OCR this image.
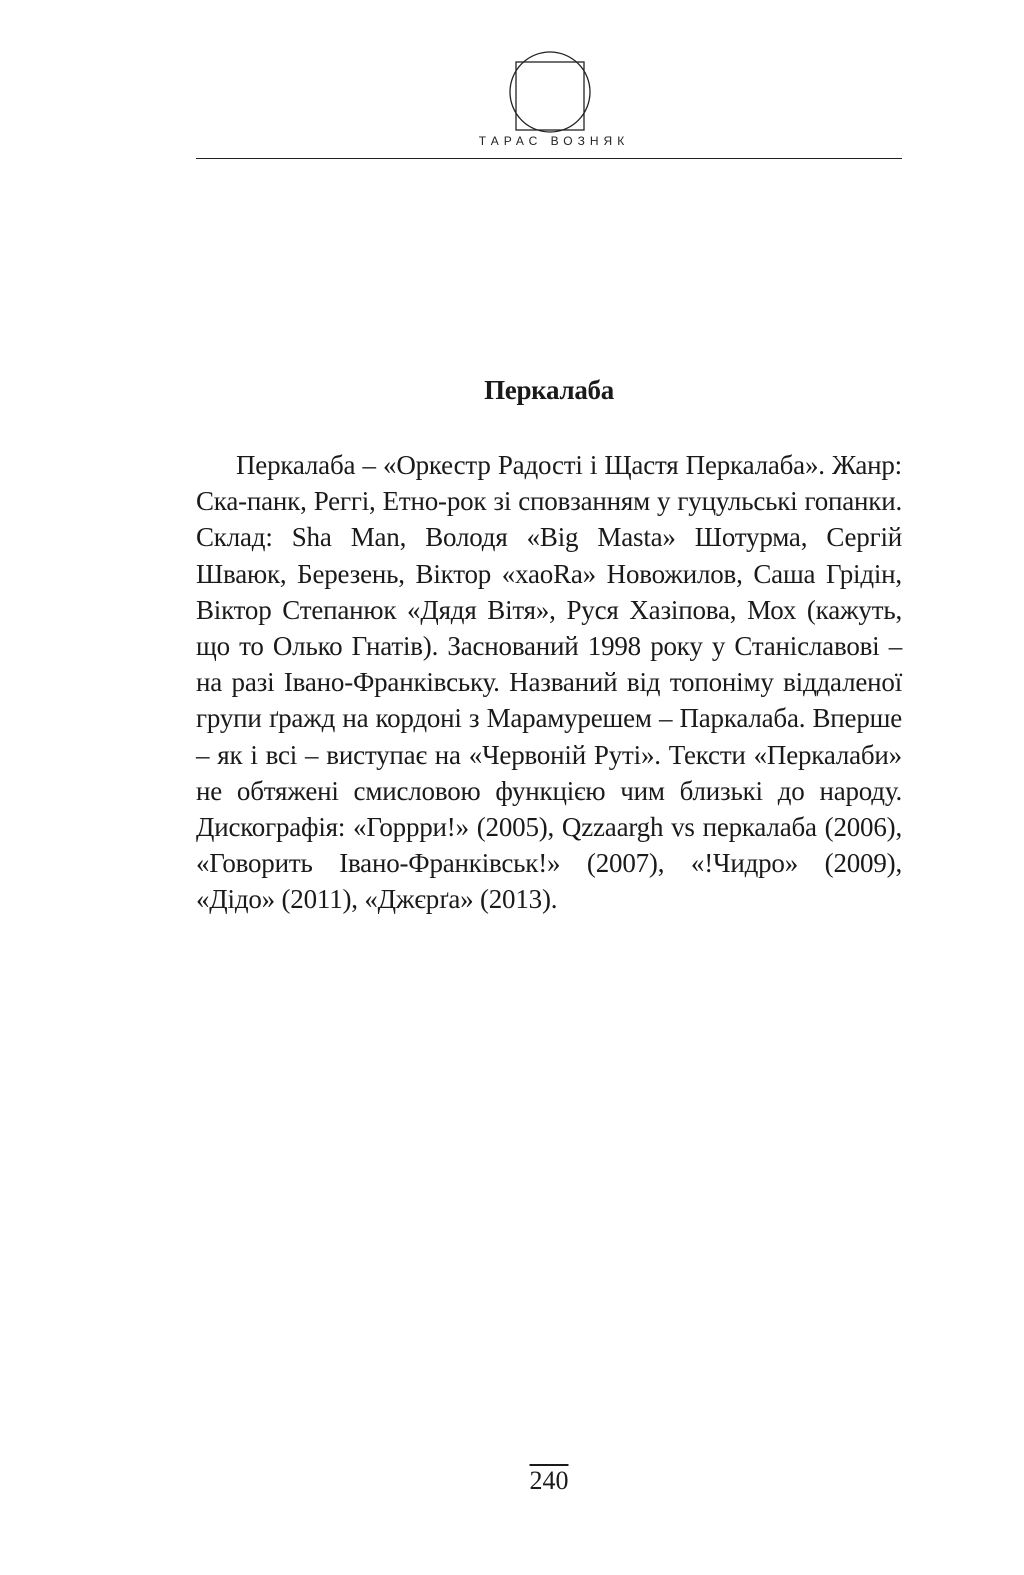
ТАРАС ВОЗНЯК
Перкалаба

Перкалаба – «Оркестр Радості і Щастя Перкалаба». Жанр: Ска-панк, Реггі, Етно-рок зі сповзанням у гуцульські гопанки. Склад: Sha Man, Володя «Big Masta» Шотурма, Сергій Шваюк, Березень, Віктор «хаоRa» Новожилов, Саша Грідін, Віктор Степанюк «Дядя Вітя», Руся Хазіпова, Мох (кажуть, що то Олько Гнатів). Заснований 1998 року у Станіславові – на разі Івано-Франківську. Названий від топоніму віддаленої групи ґражд на кордоні з Марамурешем – Паркалаба. Вперше – як і всі – виступає на «Червоній Руті». Тексти «Перкалаби» не обтяжені смисловою функцією чим близькі до народу. Дискографія: «Горрри!» (2005), Qzzaargh vs перкалаба (2006), «Говорить Івано-Франківськ!» (2007), «!Чидро» (2009), «Дідо» (2011), «Джєрґа» (2013).

240
